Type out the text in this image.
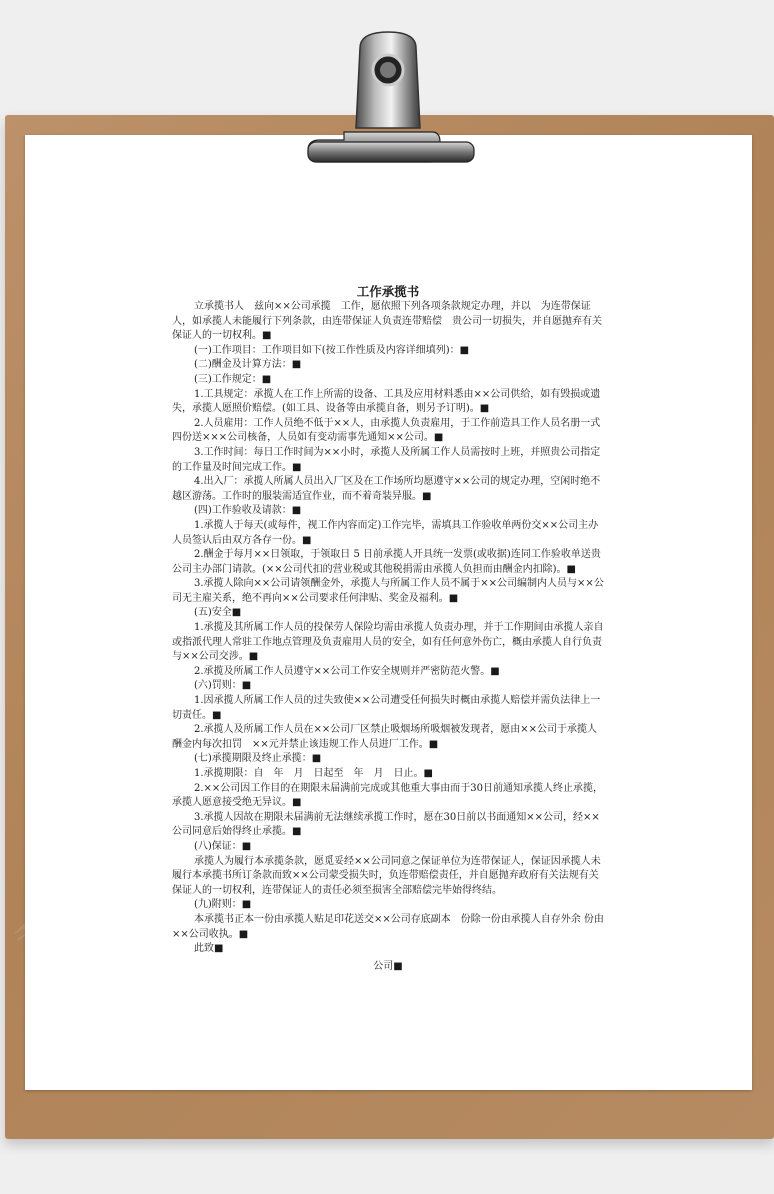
工作承揽书

立承揽书人　兹向××公司承揽　工作，愿依照下列各项条款规定办理，并以　为连带保证人，如承揽人未能履行下列条款，由连带保证人负责连带赔偿　贵公司一切损失，并自愿抛弃有关保证人的一切权利。■

(一)工作项目：工作项目如下(按工作性质及内容详细填列)：■

(二)酬金及计算方法：■

(三)工作规定：■

1.工具规定：承揽人在工作上所需的设备、工具及应用材料悉由××公司供给，如有毁损或遗失，承揽人愿照价赔偿。(如工具、设备等由承揽自备，则另予订明)。■

2.人员雇用：工作人员绝不低于××人，由承揽人负责雇用，于工作前造具工作人员名册一式四份送×××公司核备，人员如有变动需事先通知××公司。■

3.工作时间：每日工作时间为××小时，承揽人及所属工作人员需按时上班，并照贵公司指定的工作量及时间完成工作。■

4.出入厂：承揽人所属人员出入厂区及在工作场所均愿遵守××公司的规定办理，空闲时绝不越区游荡。工作时的服装需适宜作业，而不着奇装异服。■

(四)工作验收及请款：■

1.承揽人于每天(或每件，视工作内容而定)工作完毕，需填具工作验收单两份交××公司主办人员签认后由双方各存一份。■

2.酬金于每月××日领取，于领取日 5 日前承揽人开具统一发票(或收据)连同工作验收单送贵公司主办部门请款。(××公司代扣的营业税或其他税捐需由承揽人负担而由酬金内扣除)。■

3.承揽人除向××公司请领酬金外，承揽人与所属工作人员不属于××公司编制内人员与××公司无主雇关系，绝不再向××公司要求任何津贴、奖金及福利。■

(五)安全■

1.承揽及其所属工作人员的投保劳人保险均需由承揽人负责办理，并于工作期间由承揽人亲自或指派代理人常驻工作地点管理及负责雇用人员的安全，如有任何意外伤亡，概由承揽人自行负责与××公司交涉。■

2.承揽及所属工作人员遵守××公司工作安全规则并严密防范火警。■

(六)罚则：■

1.因承揽人所属工作人员的过失致使××公司遭受任何损失时概由承揽人赔偿并需负法律上一切责任。■

2.承揽人及所属工作人员在××公司厂区禁止吸烟场所吸烟被发现者，愿由××公司于承揽人酬金内每次扣罚　××元并禁止该违规工作人员进厂工作。■

(七)承揽期限及终止承揽：■

1.承揽期限：自　年　月　日起至　年　月　日止。■

2.××公司因工作目的在期限未届满前完成或其他重大事由而于30日前通知承揽人终止承揽，承揽人愿意接受绝无异议。■

3.承揽人因故在期限未届满前无法继续承揽工作时，愿在30日前以书面通知××公司，经××公司同意后始得终止承揽。■

(八)保证：■

承揽人为履行本承揽条款，愿觅妥经××公司同意之保证单位为连带保证人，保证因承揽人未履行本承揽书所订条款而致××公司蒙受损失时，负连带赔偿责任，并自愿抛弃政府有关法规有关保证人的一切权利，连带保证人的责任必须至损害全部赔偿完毕始得终结。

(九)附则：■

本承揽书正本一份由承揽人贴足印花送交××公司存底副本　份除一份由承揽人自存外余 份由××公司收执。■

此致■

公司■
